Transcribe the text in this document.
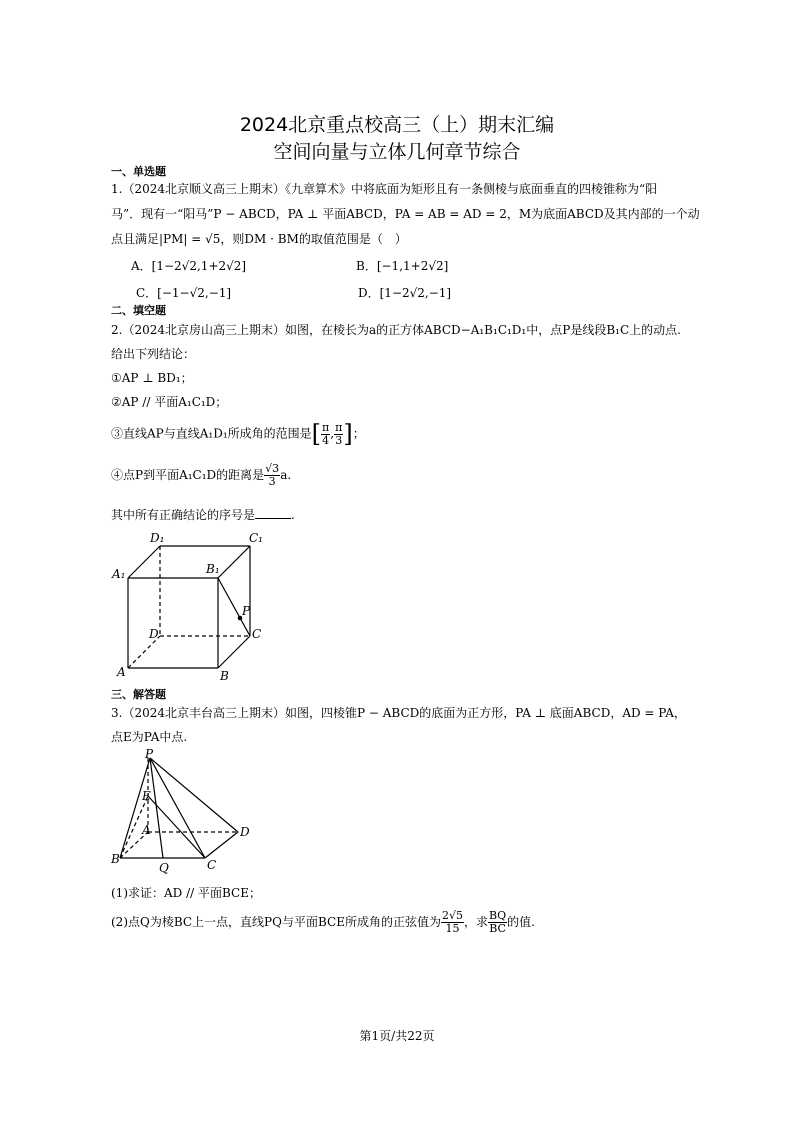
2024北京重点校高三（上）期末汇编
空间向量与立体几何章节综合
一、单选题
1.（2024北京顺义高三上期末）《九章算术》中将底面为矩形且有一条侧棱与底面垂直的四棱锥称为“阳
马”．现有一“阳马”P − ABCD，PA ⊥ 平面ABCD，PA = AB = AD = 2，M为底面ABCD及其内部的一个动
点且满足|PM| = √5，则DM · BM的取值范围是（　）
A．[1−2√2,1+2√2]	B．[−1,1+2√2]
C．[−1−√2,−1]	D．[1−2√2,−1]
二、填空题
2.（2024北京房山高三上期末）如图，在棱长为a的正方体ABCD−A₁B₁C₁D₁中，点P是线段B₁C上的动点.
给出下列结论：
①AP ⊥ BD₁；
②AP // 平面A₁C₁D；
③直线AP与直线A₁D₁所成角的范围是[ $\frac{\pi}{4}$ , $\frac{\pi}{3}$ ]；
④点P到平面A₁C₁D的距离是 $\frac{√3}{3} a$.
其中所有正确结论的序号是	.
D₁	C₁
A₁	B₁
P
D	C
A	B
三、解答题
3.（2024北京丰台高三上期末）如图，四棱锥P − ABCD的底面为正方形，PA ⊥ 底面ABCD，AD = PA，
点E为PA中点.
P
E
A	D
B
Q	C
(1)求证：AD // 平面BCE；
(2)点Q为棱BC上一点，直线PQ与平面BCE所成角的正弦值为 $\frac{2√5}{15}$ ，求 $\frac{BQ}{BC}$ 的值.
第1页/共22页
